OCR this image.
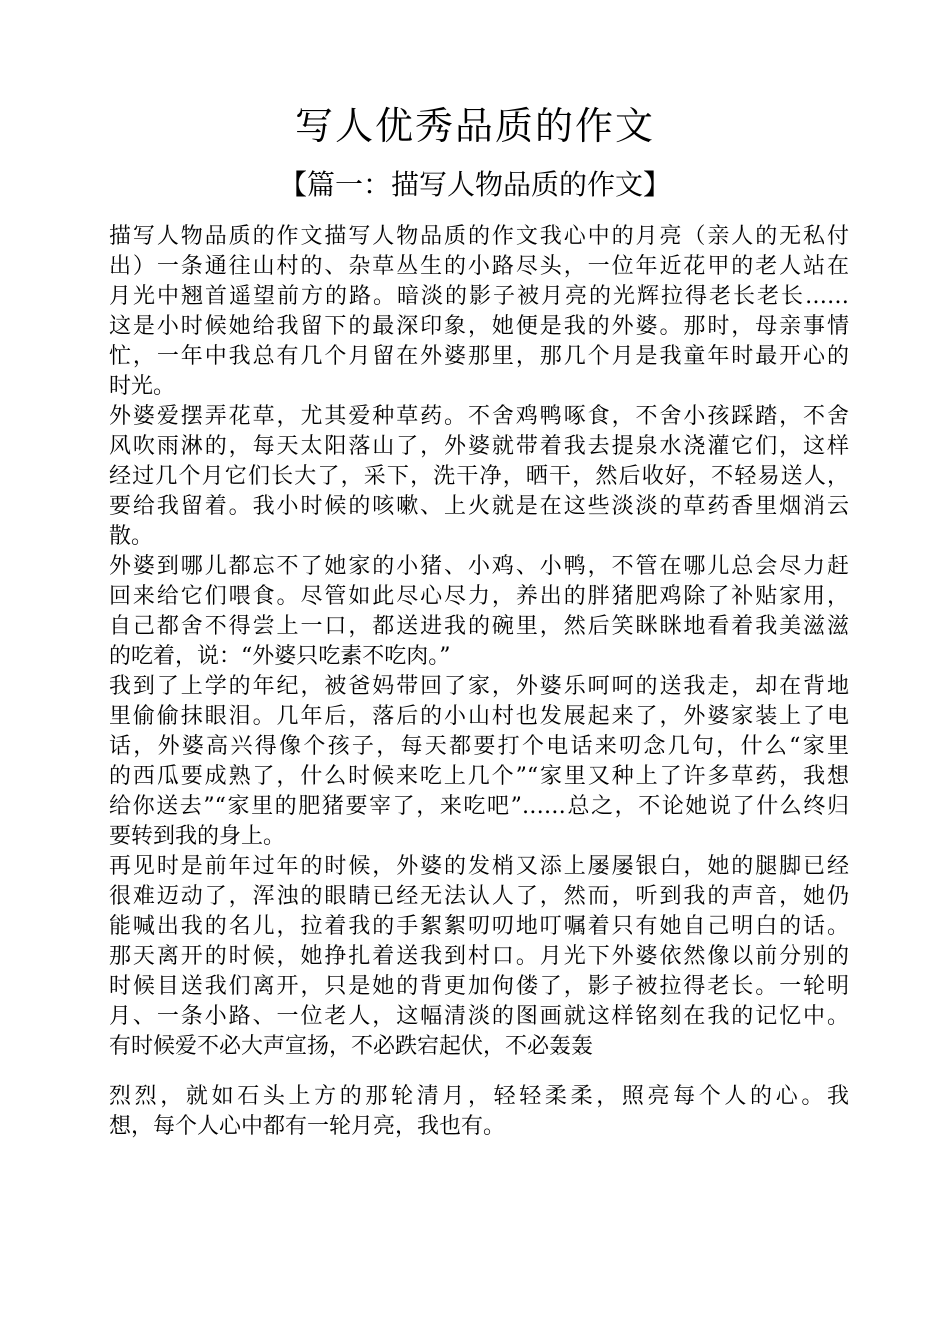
写人优秀品质的作文
【篇一：描写人物品质的作文】
描写人物品质的作文描写人物品质的作文我心中的月亮（亲人的无私付
出）一条通往山村的、杂草丛生的小路尽头，一位年近花甲的老人站在
月光中翘首遥望前方的路。暗淡的影子被月亮的光辉拉得老长老长……
这是小时候她给我留下的最深印象，她便是我的外婆。那时，母亲事情
忙，一年中我总有几个月留在外婆那里，那几个月是我童年时最开心的
时光。
外婆爱摆弄花草，尤其爱种草药。不舍鸡鸭啄食，不舍小孩踩踏，不舍
风吹雨淋的，每天太阳落山了，外婆就带着我去提泉水浇灌它们，这样
经过几个月它们长大了，采下，洗干净，晒干，然后收好，不轻易送人，
要给我留着。我小时候的咳嗽、上火就是在这些淡淡的草药香里烟消云
散。
外婆到哪儿都忘不了她家的小猪、小鸡、小鸭，不管在哪儿总会尽力赶
回来给它们喂食。尽管如此尽心尽力，养出的胖猪肥鸡除了补贴家用，
自己都舍不得尝上一口，都送进我的碗里，然后笑眯眯地看着我美滋滋
的吃着，说：“外婆只吃素不吃肉。”
我到了上学的年纪，被爸妈带回了家，外婆乐呵呵的送我走，却在背地
里偷偷抹眼泪。几年后，落后的小山村也发展起来了，外婆家装上了电
话，外婆高兴得像个孩子，每天都要打个电话来叨念几句，什么“家里
的西瓜要成熟了，什么时候来吃上几个”“家里又种上了许多草药，我想
给你送去”“家里的肥猪要宰了，来吃吧”……总之，不论她说了什么终归
要转到我的身上。
再见时是前年过年的时候，外婆的发梢又添上屡屡银白，她的腿脚已经
很难迈动了，浑浊的眼睛已经无法认人了，然而，听到我的声音，她仍
能喊出我的名儿，拉着我的手絮絮叨叨地叮嘱着只有她自己明白的话。
那天离开的时候，她挣扎着送我到村口。月光下外婆依然像以前分别的
时候目送我们离开，只是她的背更加佝偻了，影子被拉得老长。一轮明
月、一条小路、一位老人，这幅清淡的图画就这样铭刻在我的记忆中。
有时候爱不必大声宣扬，不必跌宕起伏，不必轰轰
烈烈，就如石头上方的那轮清月，轻轻柔柔，照亮每个人的心。我
想，每个人心中都有一轮月亮，我也有。
